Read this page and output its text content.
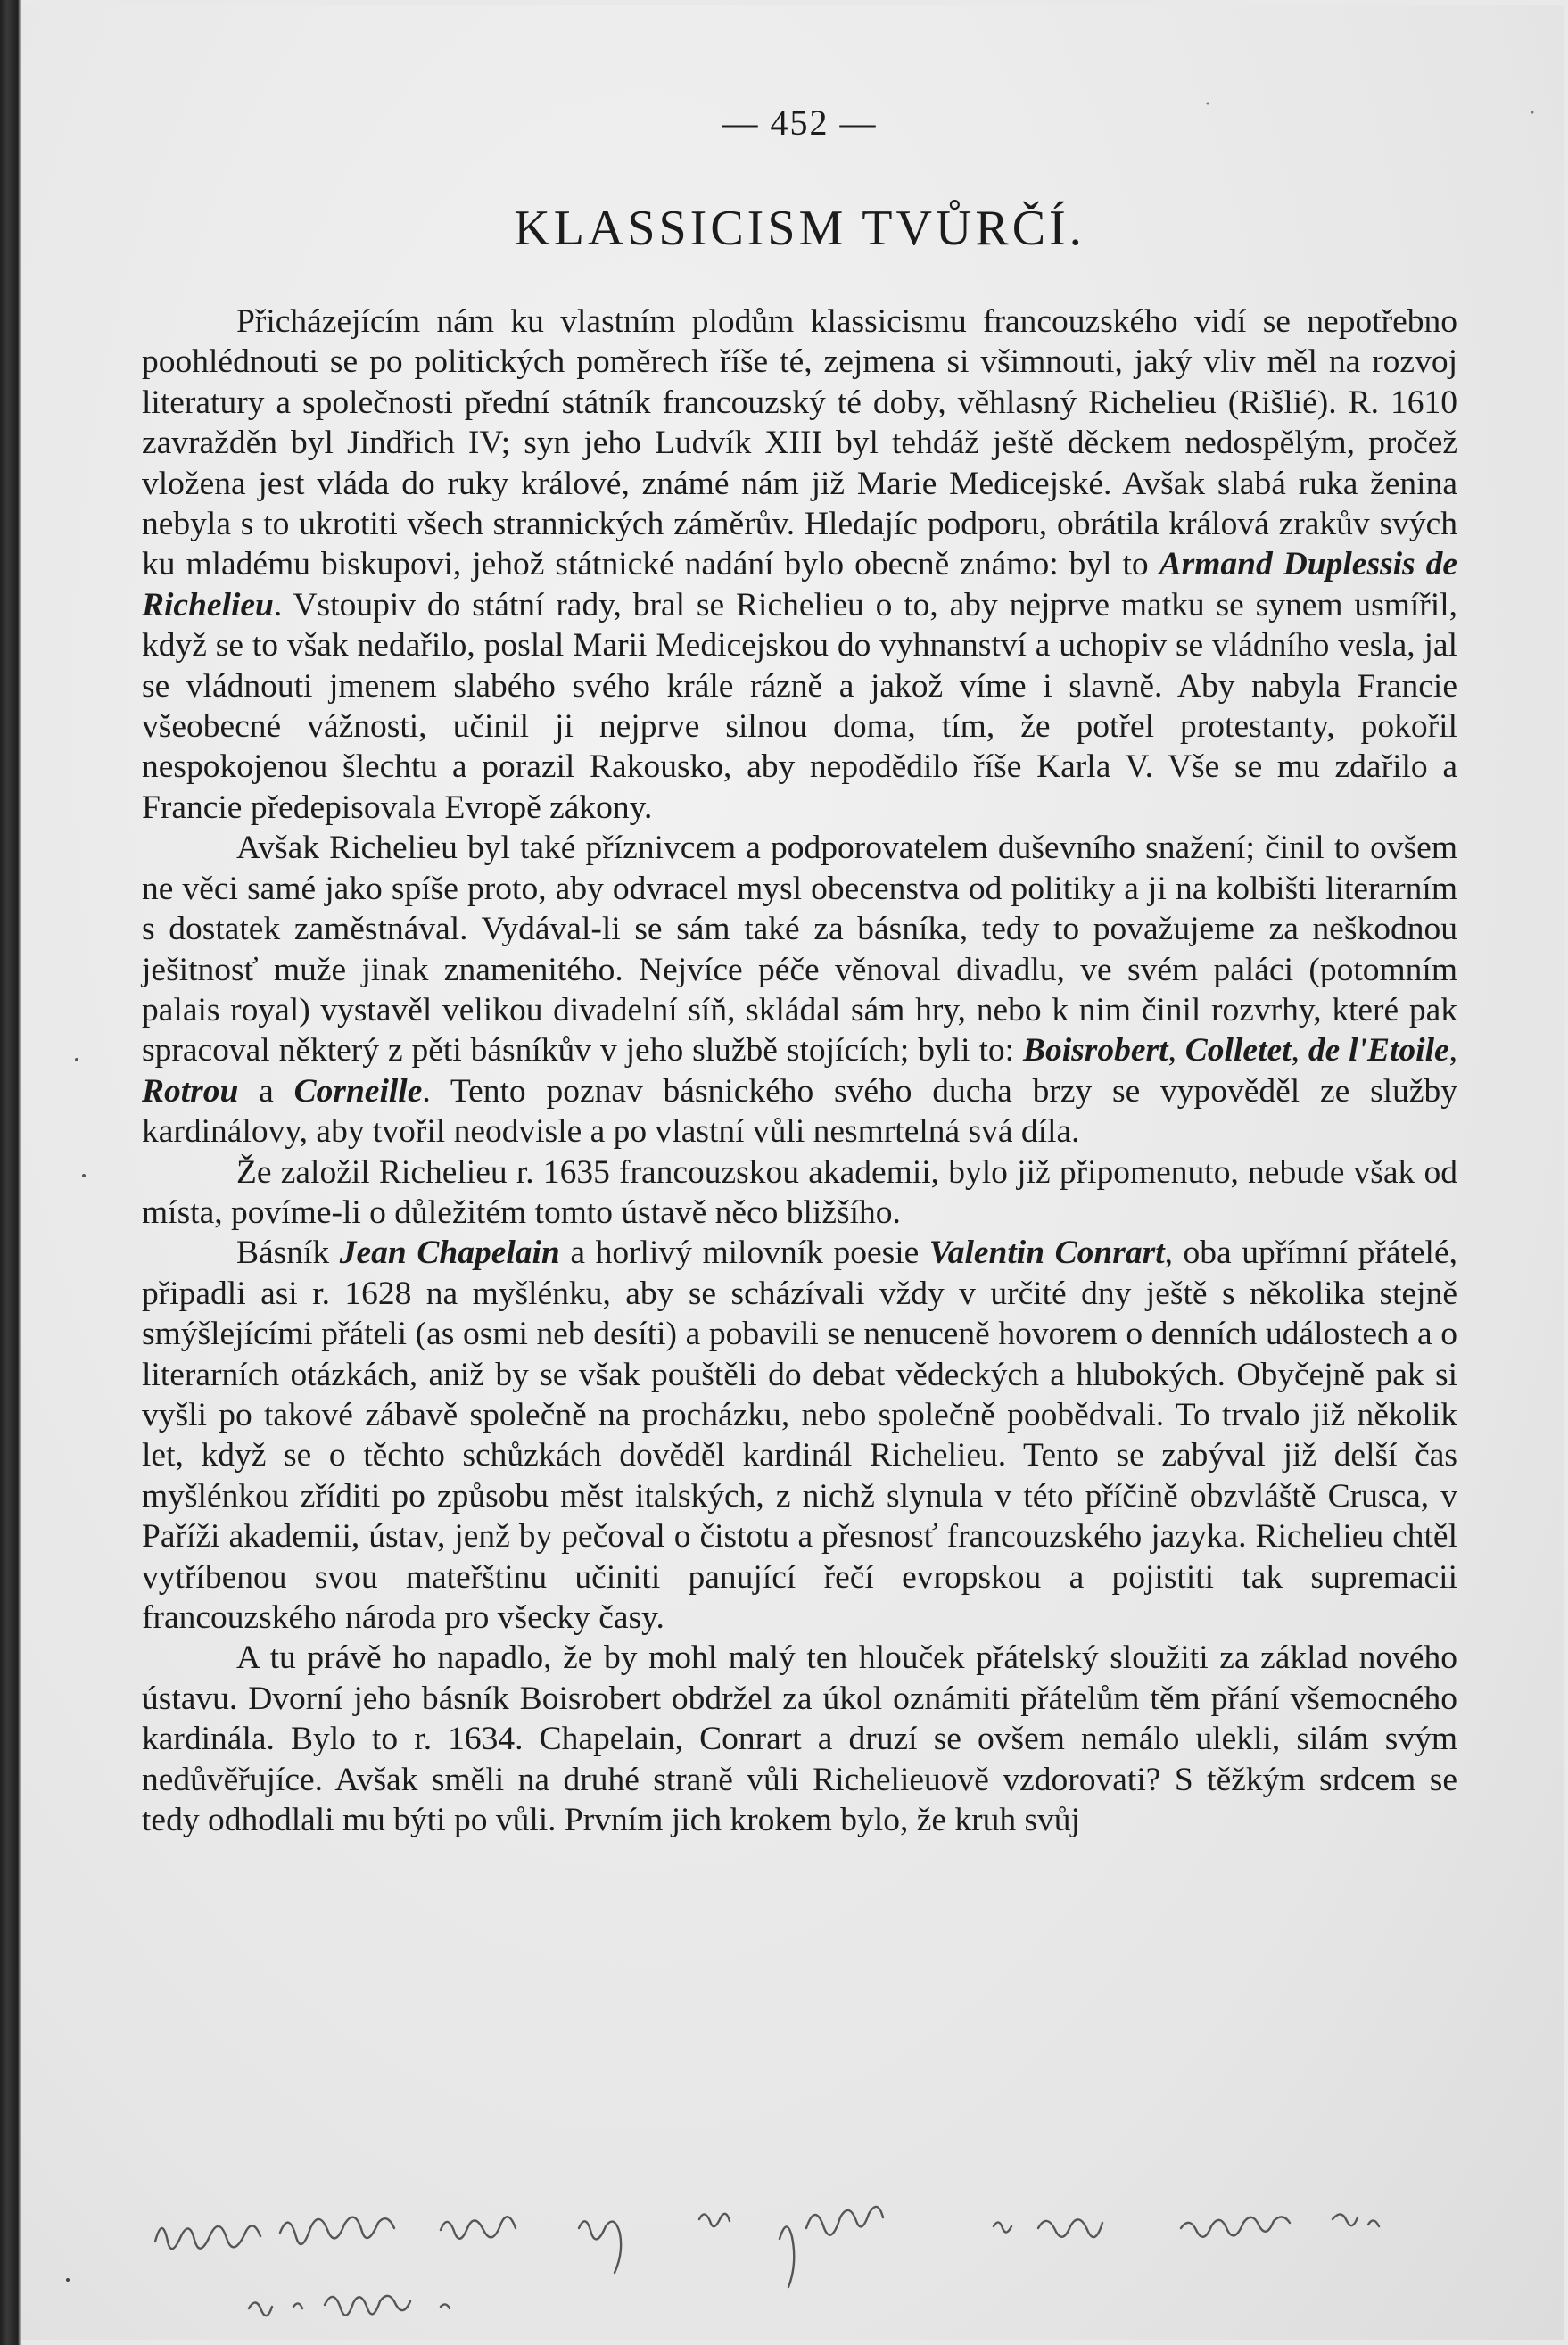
— 452 —
KLASSICISM TVŮRČÍ.

Přicházejícím nám ku vlastním plodům klassicismu francouzského vidí se nepotřebno poohlédnouti se po politických poměrech říše té, zejmena si všimnouti, jaký vliv měl na rozvoj literatury a společnosti přední státník francouzský té doby, věhlasný Richelieu (Rišlié). R. 1610 zavražděn byl Jindřich IV; syn jeho Ludvík XIII byl tehdáž ještě děckem nedospělým, pročež vložena jest vláda do ruky králové, známé nám již Marie Medicejské. Avšak slabá ruka ženina nebyla s to ukrotiti všech strannických záměrův. Hledajíc podporu, obrátila králová zrakův svých ku mladému biskupovi, jehož státnické nadání bylo obecně známo: byl to Armand Duplessis de Richelieu. Vstoupiv do státní rady, bral se Richelieu o to, aby nejprve matku se synem usmířil, když se to však nedařilo, poslal Marii Medicejskou do vyhnanství a uchopiv se vládního vesla, jal se vládnouti jmenem slabého svého krále rázně a jakož víme i slavně. Aby nabyla Francie všeobecné vážnosti, učinil ji nejprve silnou doma, tím, že potřel protestanty, pokořil nespokojenou šlechtu a porazil Rakousko, aby nepodědilo říše Karla V. Vše se mu zdařilo a Francie předepisovala Evropě zákony.

Avšak Richelieu byl také příznivcem a podporovatelem duševního snažení; činil to ovšem ne věci samé jako spíše proto, aby odvracel mysl obecenstva od politiky a ji na kolbišti literarním s dostatek zaměstnával. Vydával-li se sám také za básníka, tedy to považujeme za neškodnou ješitnosť muže jinak znamenitého. Nejvíce péče věnoval divadlu, ve svém paláci (potomním palais royal) vystavěl velikou divadelní síň, skládal sám hry, nebo k nim činil rozvrhy, které pak spracoval některý z pěti básníkův v jeho službě stojících; byli to: Boisrobert, Colletet, de l'Etoile, Rotrou a Corneille. Tento poznav básnického svého ducha brzy se vypověděl ze služby kardinálovy, aby tvořil neodvisle a po vlastní vůli nesmrtelná svá díla.

Že založil Richelieu r. 1635 francouzskou akademii, bylo již připomenuto, nebude však od místa, povíme-li o důležitém tomto ústavě něco bližšího.

Básník Jean Chapelain a horlivý milovník poesie Valentin Conrart, oba upřímní přátelé, připadli asi r. 1628 na myšlénku, aby se scházívali vždy v určité dny ještě s několika stejně smýšlejícími přáteli (as osmi neb desíti) a pobavili se nenuceně hovorem o denních událostech a o literarních otázkách, aniž by se však pouštěli do debat vědeckých a hlubokých. Obyčejně pak si vyšli po takové zábavě společně na procházku, nebo společně poobědvali. To trvalo již několik let, když se o těchto schůzkách dověděl kardinál Richelieu. Tento se zabýval již delší čas myšlénkou zříditi po způsobu měst italských, z nichž slynula v této příčině obzvláště Crusca, v Paříži akademii, ústav, jenž by pečoval o čistotu a přesnosť francouzského jazyka. Richelieu chtěl vytříbenou svou mateřštinu učiniti panující řečí evropskou a pojistiti tak supremacii francouzského národa pro všecky časy.

A tu právě ho napadlo, že by mohl malý ten hlouček přátelský sloužiti za základ nového ústavu. Dvorní jeho básník Boisrobert obdržel za úkol oznámiti přátelům těm přání všemocného kardinála. Bylo to r. 1634. Chapelain, Conrart a druzí se ovšem nemálo ulekli, silám svým nedůvěřujíce. Avšak směli na druhé straně vůli Richelieuově vzdorovati? S těžkým srdcem se tedy odhodlali mu býti po vůli. Prvním jich krokem bylo, že kruh svůj
